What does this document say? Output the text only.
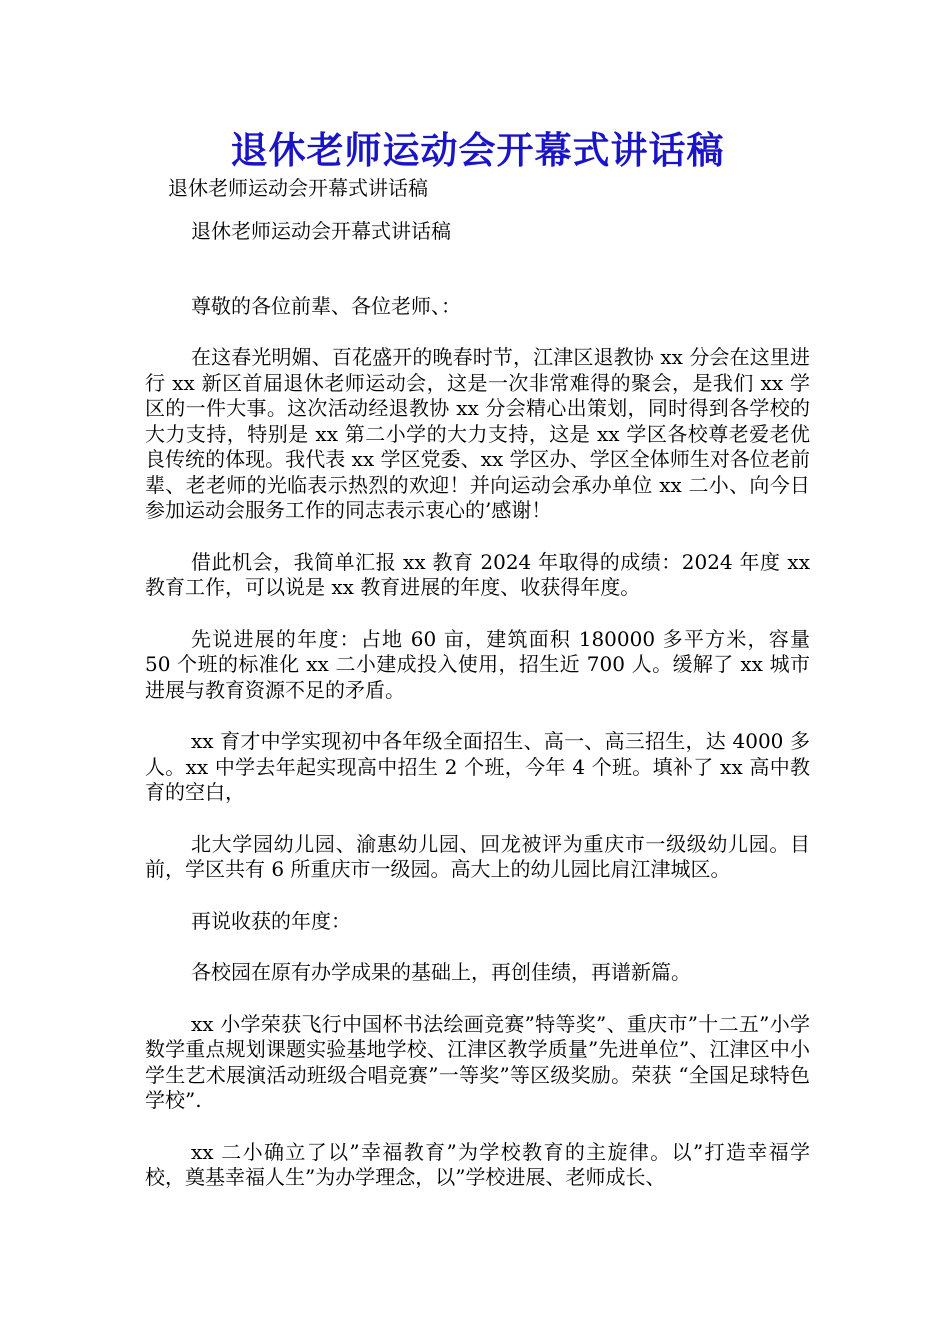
退休老师运动会开幕式讲话稿
退休老师运动会开幕式讲话稿

退休老师运动会开幕式讲话稿

尊敬的各位前辈、各位老师、：

在这春光明媚、百花盛开的晚春时节，江津区退教协 xx 分会在这里进行 xx 新区首届退休老师运动会，这是一次非常难得的聚会，是我们 xx 学区的一件大事。这次活动经退教协 xx 分会精心出策划，同时得到各学校的大力支持，特别是 xx 第二小学的大力支持，这是 xx 学区各校尊老爱老优良传统的体现。我代表 xx 学区党委、xx 学区办、学区全体师生对各位老前辈、老老师的光临表示热烈的欢迎！并向运动会承办单位 xx 二小、向今日参加运动会服务工作的同志表示衷心的’感谢！

借此机会，我简单汇报 xx 教育 2024 年取得的成绩：2024 年度 xx 教育工作，可以说是 xx 教育进展的年度、收获得年度。

先说进展的年度：占地 60 亩，建筑面积 180000 多平方米，容量 50 个班的标准化 xx 二小建成投入使用，招生近 700 人。缓解了 xx 城市进展与教育资源不足的矛盾。

xx 育才中学实现初中各年级全面招生、高一、高三招生，达 4000 多人。xx 中学去年起实现高中招生 2 个班，今年 4 个班。填补了 xx 高中教育的空白，

北大学园幼儿园、渝惠幼儿园、回龙被评为重庆市一级级幼儿园。目前，学区共有 6 所重庆市一级园。高大上的幼儿园比肩江津城区。

再说收获的年度：

各校园在原有办学成果的基础上，再创佳绩，再谱新篇。

xx 小学荣获飞行中国杯书法绘画竞赛”特等奖”、重庆市”十二五”小学数学重点规划课题实验基地学校、江津区教学质量”先进单位”、江津区中小学生艺术展演活动班级合唱竞赛”一等奖”等区级奖励。荣获 “全国足球特色学校”.

xx 二小确立了以”幸福教育”为学校教育的主旋律。以”打造幸福学校，奠基幸福人生”为办学理念，以”学校进展、老师成长、
